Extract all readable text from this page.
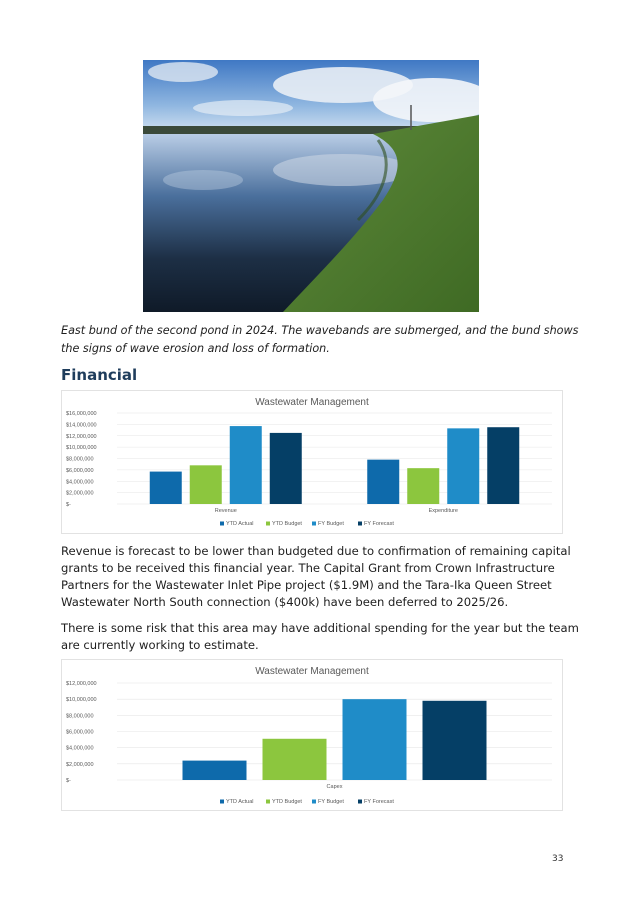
East bund of the second pond in 2024. The wavebands are submerged, and the bund shows the signs of wave erosion and loss of formation.
Financial
Wastewater Management
$16,000,000
$14,000,000
$12,000,000
$10,000,000
$8,000,000
$6,000,000
$4,000,000
$2,000,000
$-
Revenue	Expenditure
YTD Actual	YTD Budget	FY Budget	FY Forecast
Revenue is forecast to be lower than budgeted due to confirmation of remaining capital grants to be received this financial year. The Capital Grant from Crown Infrastructure Partners for the Wastewater Inlet Pipe project ($1.9M) and the Tara-Ika Queen Street Wastewater North South connection ($400k) have been deferred to 2025/26.
There is some risk that this area may have additional spending for the year but the team are currently working to estimate.
Wastewater Management
$12,000,000
$10,000,000
$8,000,000
$6,000,000
$4,000,000
$2,000,000
$-
Capex
YTD Actual	YTD Budget	FY Budget	FY Forecast
33
